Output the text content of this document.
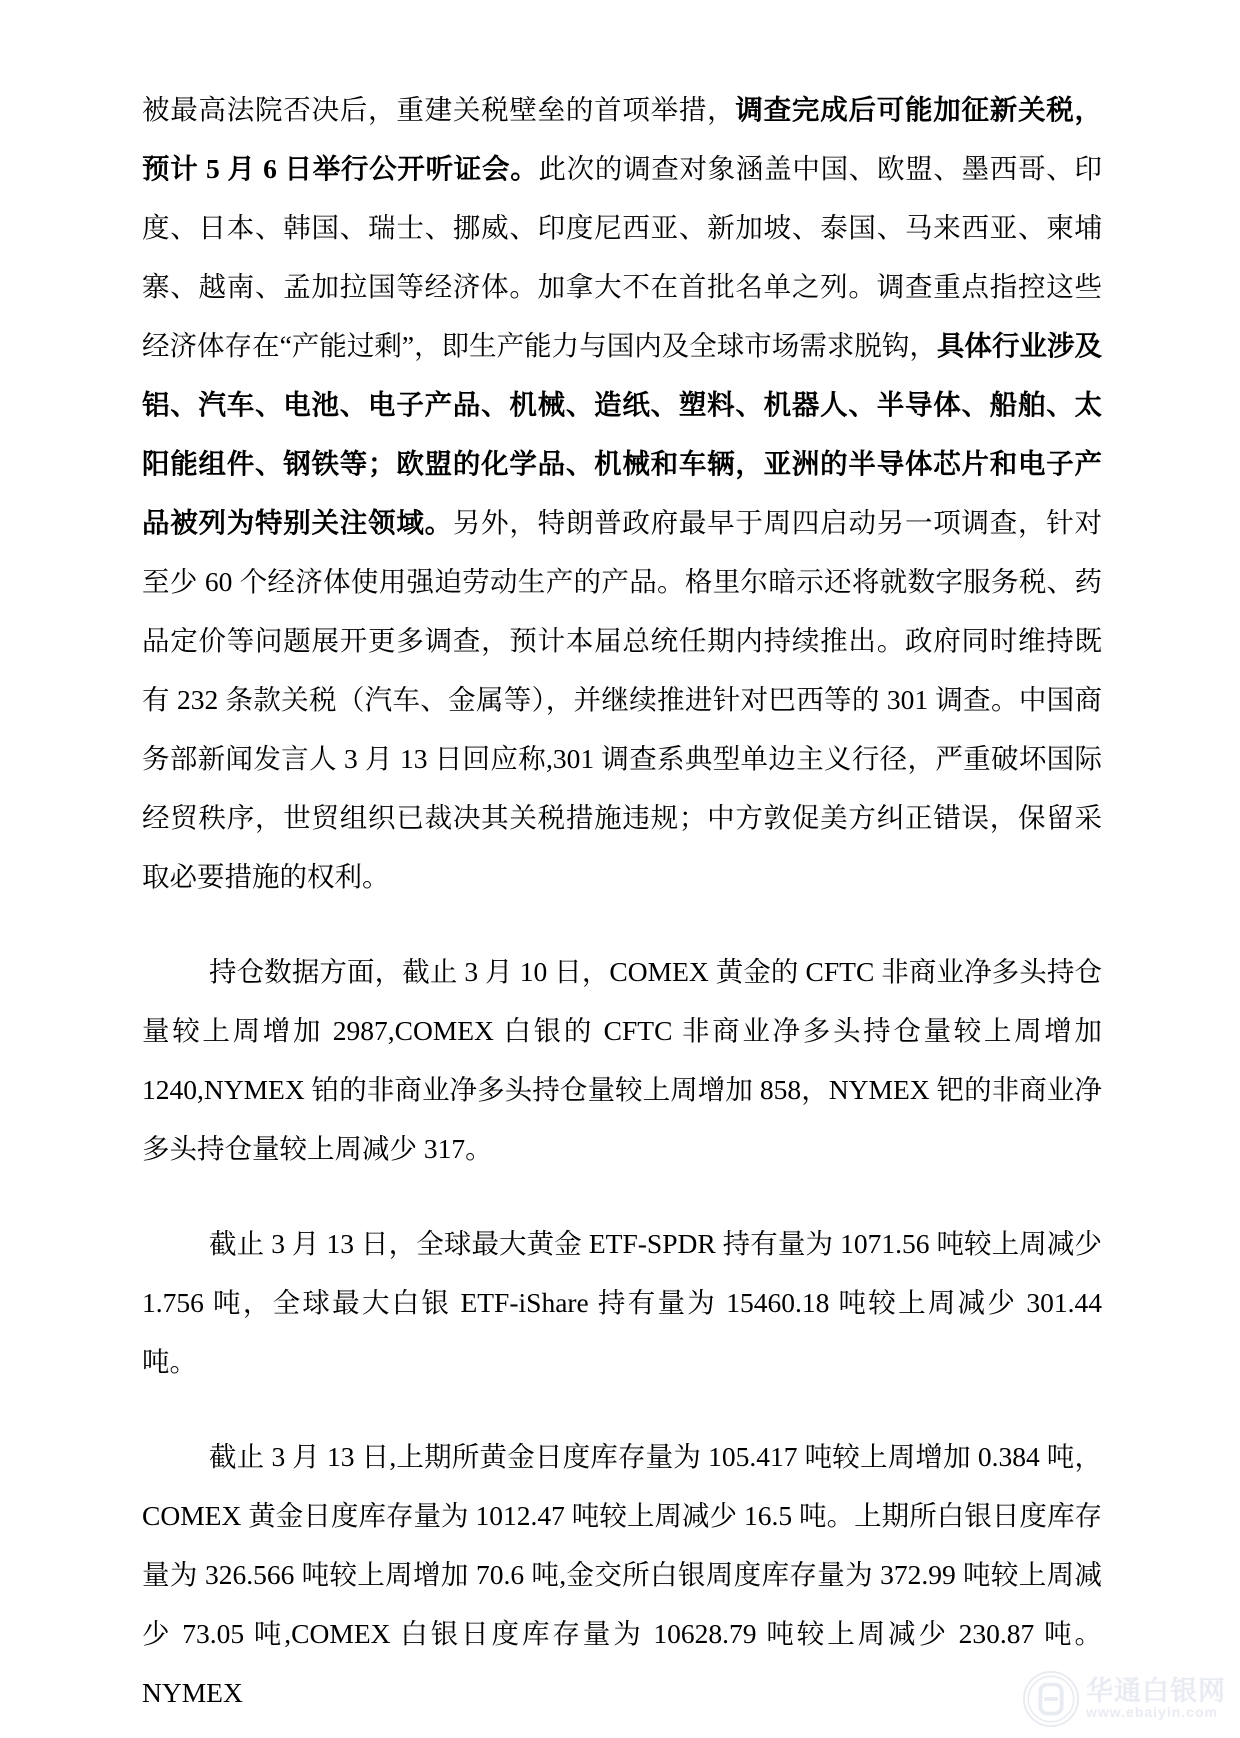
被最高法院否决后，重建关税壁垒的首项举措，调查完成后可能加征新关税，预计 5 月 6 日举行公开听证会。此次的调查对象涵盖中国、欧盟、墨西哥、印度、日本、韩国、瑞士、挪威、印度尼西亚、新加坡、泰国、马来西亚、柬埔寨、越南、孟加拉国等经济体。加拿大不在首批名单之列。调查重点指控这些经济体存在“产能过剩”，即生产能力与国内及全球市场需求脱钩，具体行业涉及铝、汽车、电池、电子产品、机械、造纸、塑料、机器人、半导体、船舶、太阳能组件、钢铁等；欧盟的化学品、机械和车辆，亚洲的半导体芯片和电子产品被列为特别关注领域。另外，特朗普政府最早于周四启动另一项调查，针对至少 60 个经济体使用强迫劳动生产的产品。格里尔暗示还将就数字服务税、药品定价等问题展开更多调查，预计本届总统任期内持续推出。政府同时维持既有 232 条款关税（汽车、金属等），并继续推进针对巴西等的 301 调查。中国商务部新闻发言人 3 月 13 日回应称,301 调查系典型单边主义行径，严重破坏国际经贸秩序，世贸组织已裁决其关税措施违规；中方敦促美方纠正错误，保留采取必要措施的权利。

持仓数据方面，截止 3 月 10 日，COMEX 黄金的 CFTC 非商业净多头持仓量较上周增加 2987,COMEX 白银的 CFTC 非商业净多头持仓量较上周增加 1240,NYMEX 铂的非商业净多头持仓量较上周增加 858，NYMEX 钯的非商业净多头持仓量较上周减少 317。

截止 3 月 13 日，全球最大黄金 ETF-SPDR 持有量为 1071.56 吨较上周减少 1.756 吨，全球最大白银 ETF-iShare 持有量为 15460.18 吨较上周减少 301.44 吨。

截止 3 月 13 日,上期所黄金日度库存量为 105.417 吨较上周增加 0.384 吨，COMEX 黄金日度库存量为 1012.47 吨较上周减少 16.5 吨。上期所白银日度库存量为 326.566 吨较上周增加 70.6 吨,金交所白银周度库存量为 372.99 吨较上周减少 73.05 吨,COMEX 白银日度库存量为 10628.79 吨较上周减少 230.87 吨。NYMEX	华通白银网
www.ebaiyin.com
